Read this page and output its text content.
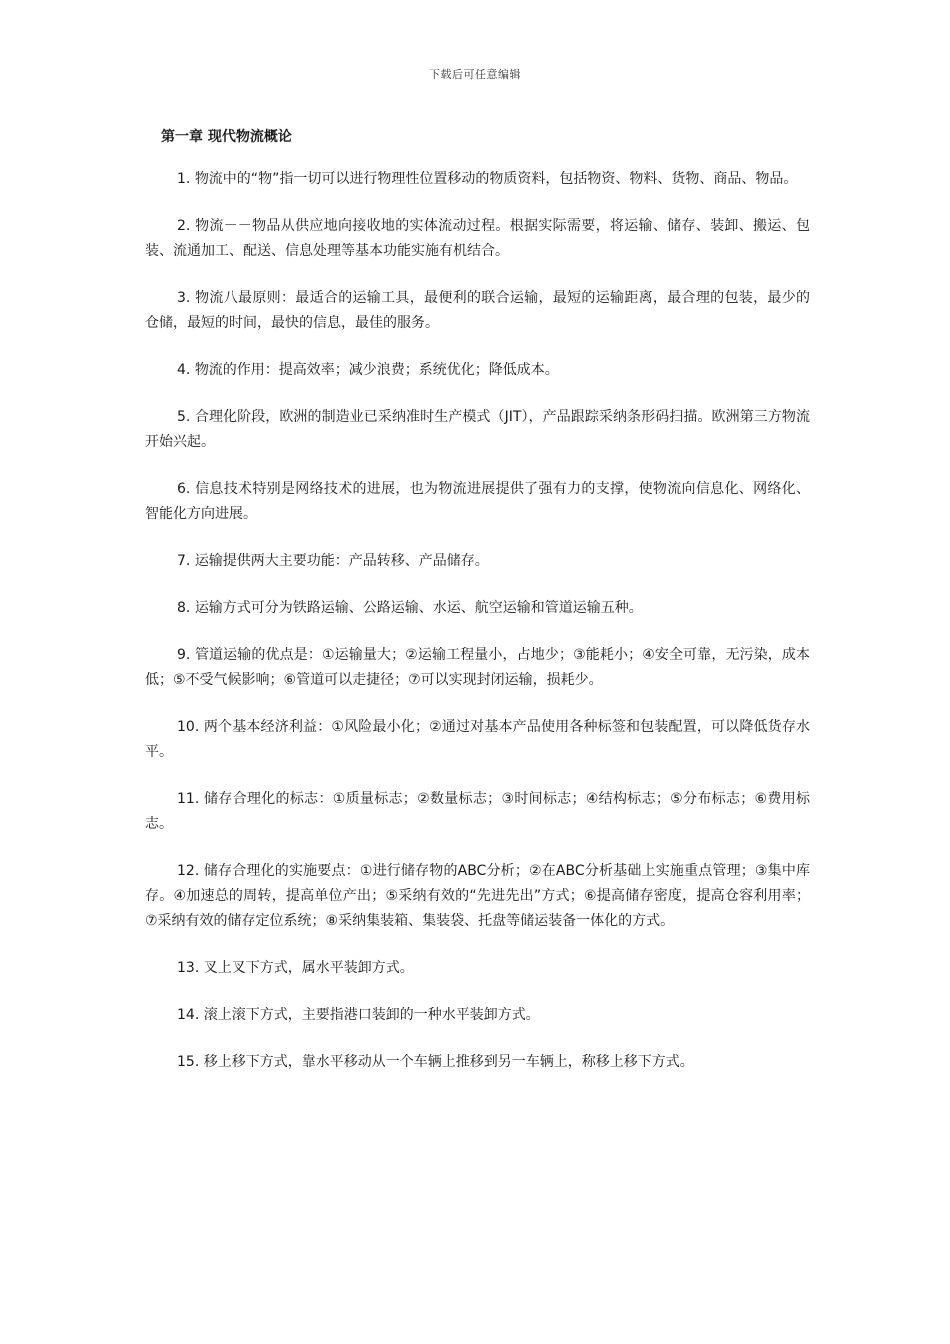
下载后可任意编辑
第一章 现代物流概论

1. 物流中的“物”指一切可以进行物理性位置移动的物质资料，包括物资、物料、货物、商品、物品。

2. 物流－－物品从供应地向接收地的实体流动过程。根据实际需要，将运输、储存、装卸、搬运、包装、流通加工、配送、信息处理等基本功能实施有机结合。

3. 物流八最原则：最适合的运输工具，最便利的联合运输，最短的运输距离，最合理的包装，最少的仓储，最短的时间，最快的信息，最佳的服务。

4. 物流的作用：提高效率；减少浪费；系统优化；降低成本。

5. 合理化阶段，欧洲的制造业已采纳准时生产模式（JIT），产品跟踪采纳条形码扫描。欧洲第三方物流开始兴起。

6. 信息技术特别是网络技术的进展，也为物流进展提供了强有力的支撑，使物流向信息化、网络化、智能化方向进展。

7. 运输提供两大主要功能：产品转移、产品储存。

8. 运输方式可分为铁路运输、公路运输、水运、航空运输和管道运输五种。

9. 管道运输的优点是：①运输量大；②运输工程量小，占地少；③能耗小；④安全可靠，无污染，成本低；⑤不受气候影响；⑥管道可以走捷径；⑦可以实现封闭运输，损耗少。

10. 两个基本经济利益：①风险最小化；②通过对基本产品使用各种标签和包装配置，可以降低货存水平。

11. 储存合理化的标志：①质量标志；②数量标志；③时间标志；④结构标志；⑤分布标志；⑥费用标志。

12. 储存合理化的实施要点：①进行储存物的ABC分析；②在ABC分析基础上实施重点管理；③集中库存。④加速总的周转，提高单位产出；⑤采纳有效的“先进先出”方式；⑥提高储存密度，提高仓容利用率；⑦采纳有效的储存定位系统；⑧采纳集装箱、集装袋、托盘等储运装备一体化的方式。

13. 叉上叉下方式，属水平装卸方式。

14. 滚上滚下方式，主要指港口装卸的一种水平装卸方式。

15. 移上移下方式，靠水平移动从一个车辆上推移到另一车辆上，称移上移下方式。
